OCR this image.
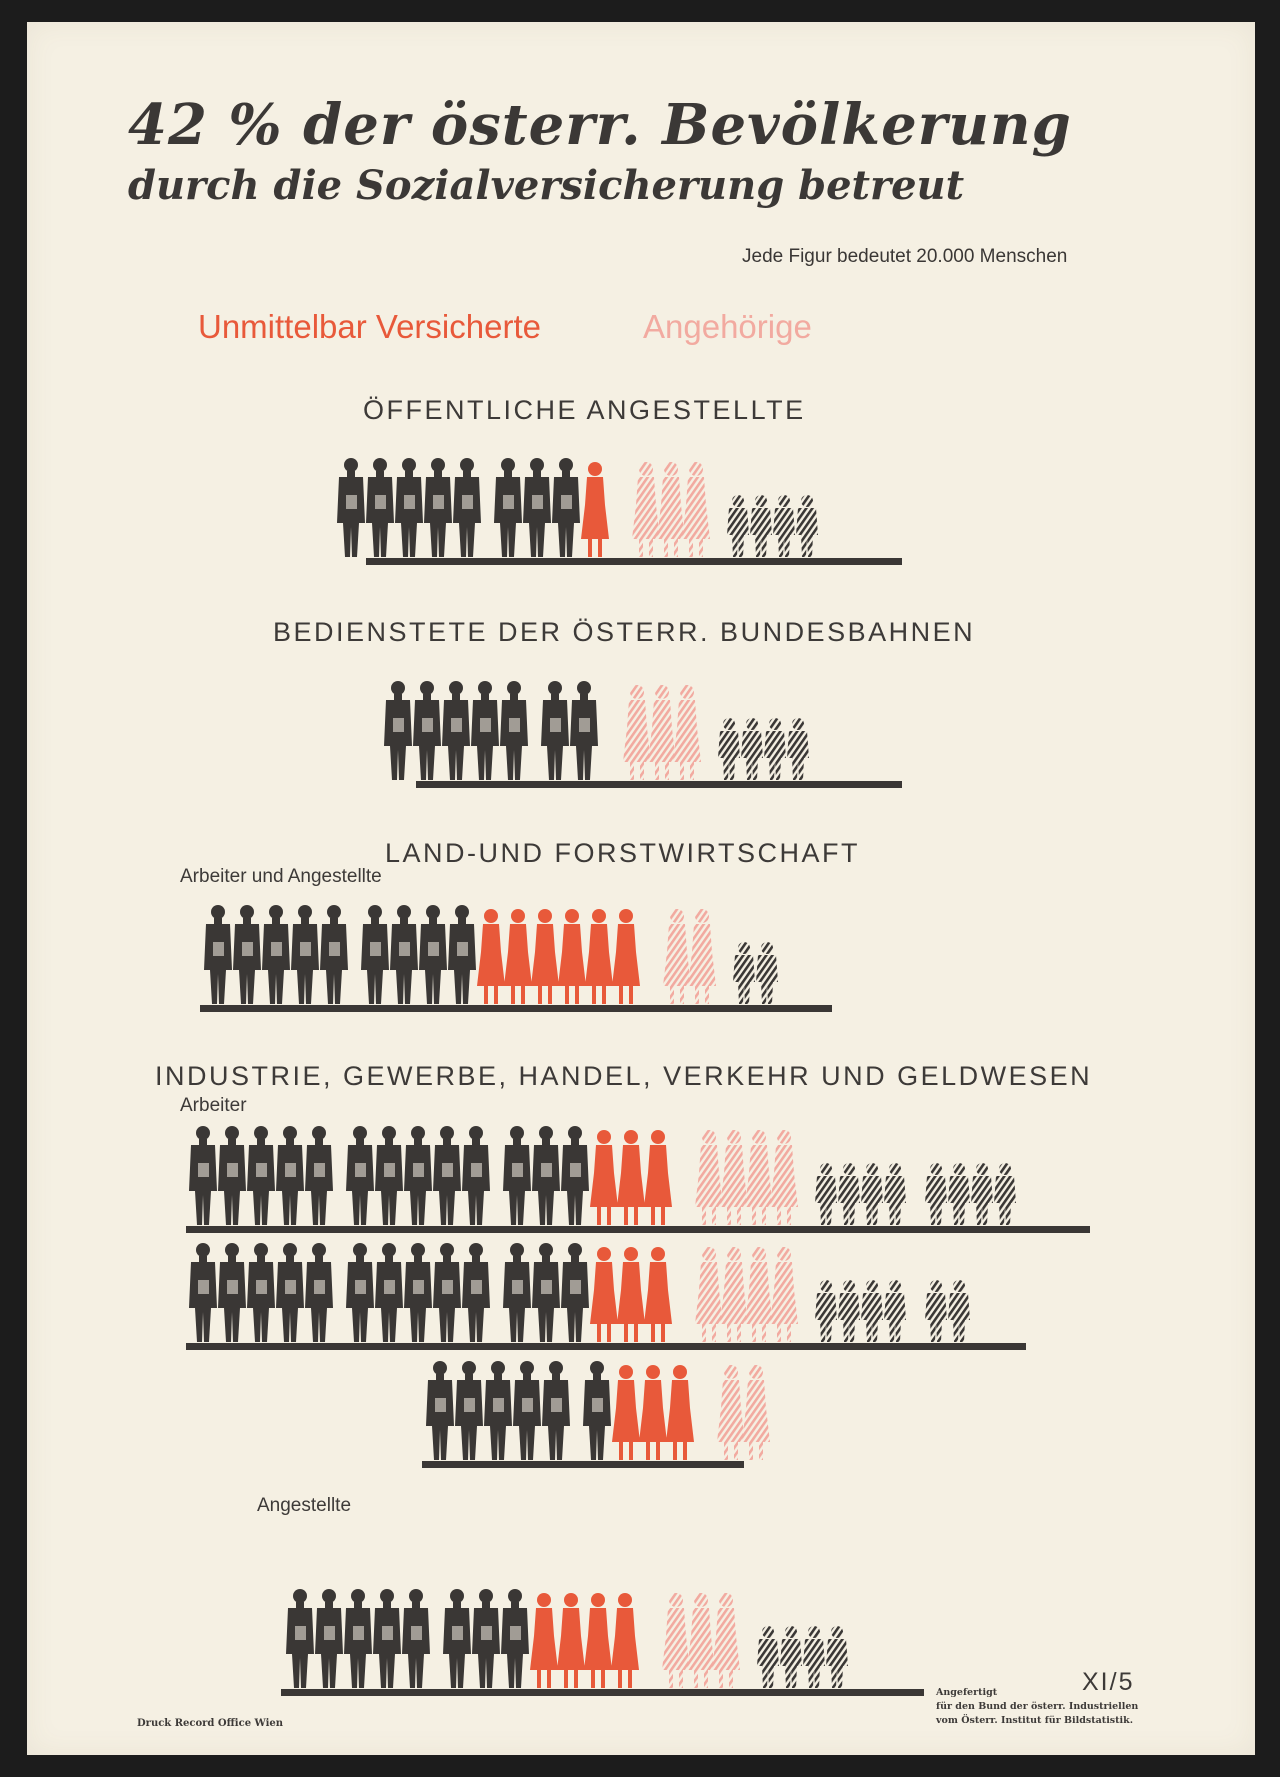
42 % der österr. Bevölkerung
durch die Sozialversicherung betreut
Jede Figur bedeutet 20.000 Menschen
Unmittelbar Versicherte	Angehörige
ÖFFENTLICHE ANGESTELLTE
BEDIENSTETE DER ÖSTERR. BUNDESBAHNEN
LAND-UND FORSTWIRTSCHAFT
INDUSTRIE, GEWERBE, HANDEL, VERKEHR UND GELDWESEN
Arbeiter und Angestellte
Arbeiter
Angestellte
Druck Record Office Wien
Angefertigt
für den Bund der österr. Industriellen
vom Österr. Institut für Bildstatistik.
XI/5
